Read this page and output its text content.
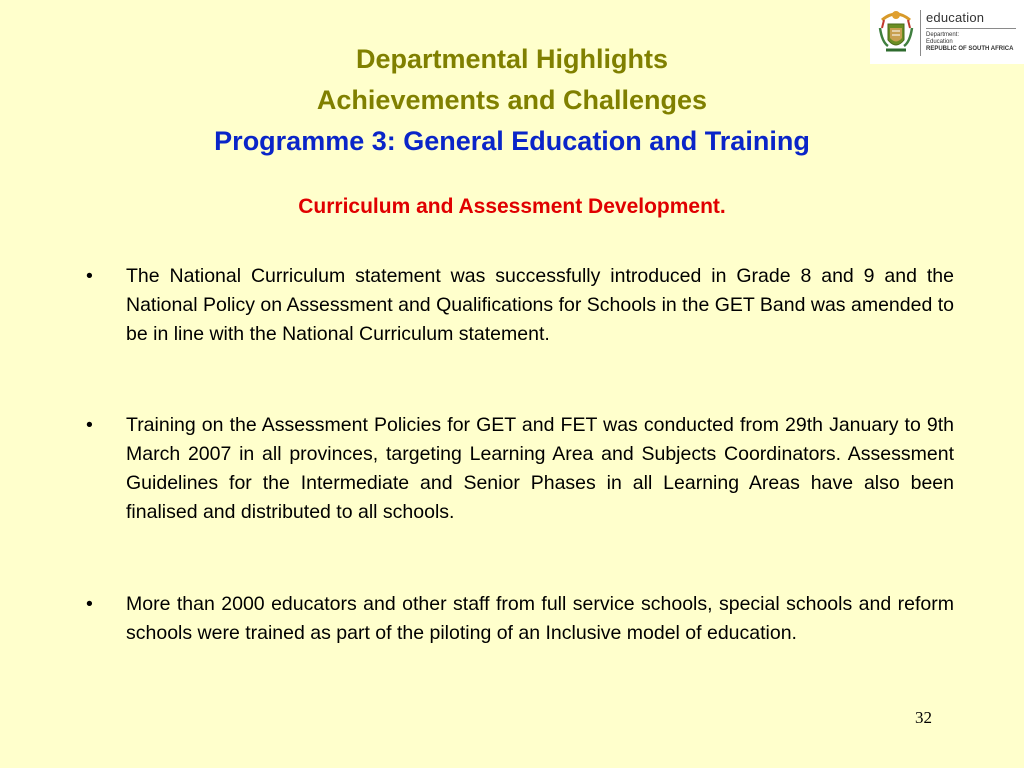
education
Department:
Education
REPUBLIC OF SOUTH AFRICA
Departmental Highlights
Achievements and Challenges
Programme 3: General Education and Training
Curriculum and Assessment Development.
• The National Curriculum statement was successfully introduced in Grade 8 and 9 and the National Policy on Assessment and Qualifications for Schools in the GET Band was amended to be in line with the National Curriculum statement.
• Training on the Assessment Policies for GET and FET was conducted from 29th January to 9th March 2007 in all provinces, targeting Learning Area and Subjects Coordinators. Assessment Guidelines for the Intermediate and Senior Phases in all Learning Areas have also been finalised and distributed to all schools.
• More than 2000 educators and other staff from full service schools, special schools and reform schools were trained as part of the piloting of an Inclusive model of education.
32
